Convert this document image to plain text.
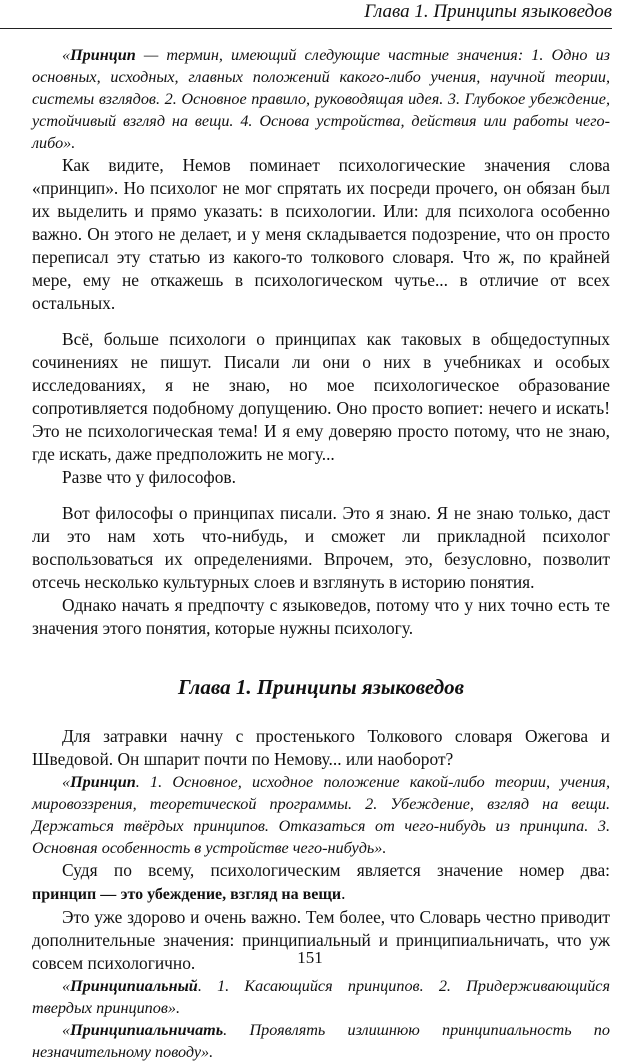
Глава 1. Принципы языковедов

«Принцип — термин, имеющий следующие частные значения: 1. Одно из основных, исходных, главных положений какого-либо учения, научной теории, системы взглядов. 2. Основное правило, руководящая идея. 3. Глубокое убеждение, устойчивый взгляд на вещи. 4. Основа устройства, действия или работы чего-либо».

Как видите, Немов поминает психологические значения слова «принцип». Но психолог не мог спрятать их посреди прочего, он обязан был их выделить и прямо указать: в психологии. Или: для психолога особенно важно. Он этого не делает, и у меня складывается подозрение, что он просто переписал эту статью из какого-то толкового словаря. Что ж, по крайней мере, ему не откажешь в психологическом чутье... в отличие от всех остальных.

Всё, больше психологи о принципах как таковых в общедоступных сочинениях не пишут. Писали ли они о них в учебниках и особых исследованиях, я не знаю, но мое психологическое образование сопротивляется подобному допущению. Оно просто вопиет: нечего и искать! Это не психологическая тема! И я ему доверяю просто потому, что не знаю, где искать, даже предположить не могу...

Разве что у философов.

Вот философы о принципах писали. Это я знаю. Я не знаю только, даст ли это нам хоть что-нибудь, и сможет ли прикладной психолог воспользоваться их определениями. Впрочем, это, безусловно, позволит отсечь несколько культурных слоев и взглянуть в историю понятия.

Однако начать я предпочту с языковедов, потому что у них точно есть те значения этого понятия, которые нужны психологу.

Глава 1. Принципы языковедов

Для затравки начну с простенького Толкового словаря Ожегова и Шведовой. Он шпарит почти по Немову... или наоборот?

«Принцип. 1. Основное, исходное положение какой-либо теории, учения, мировоззрения, теоретической программы. 2. Убеждение, взгляд на вещи. Держаться твёрдых принципов. Отказаться от чего-нибудь из принципа. 3. Основная особенность в устройстве чего-нибудь».

Судя по всему, психологическим является значение номер два: принцип — это убеждение, взгляд на вещи.

Это уже здорово и очень важно. Тем более, что Словарь честно приводит дополнительные значения: принципиальный и принципиальничать, что уж совсем психологично.

«Принципиальный. 1. Касающийся принципов. 2. Придерживающийся твердых принципов».

«Принципиальничать. Проявлять излишнюю принципиальность по незначительному поводу».

151
